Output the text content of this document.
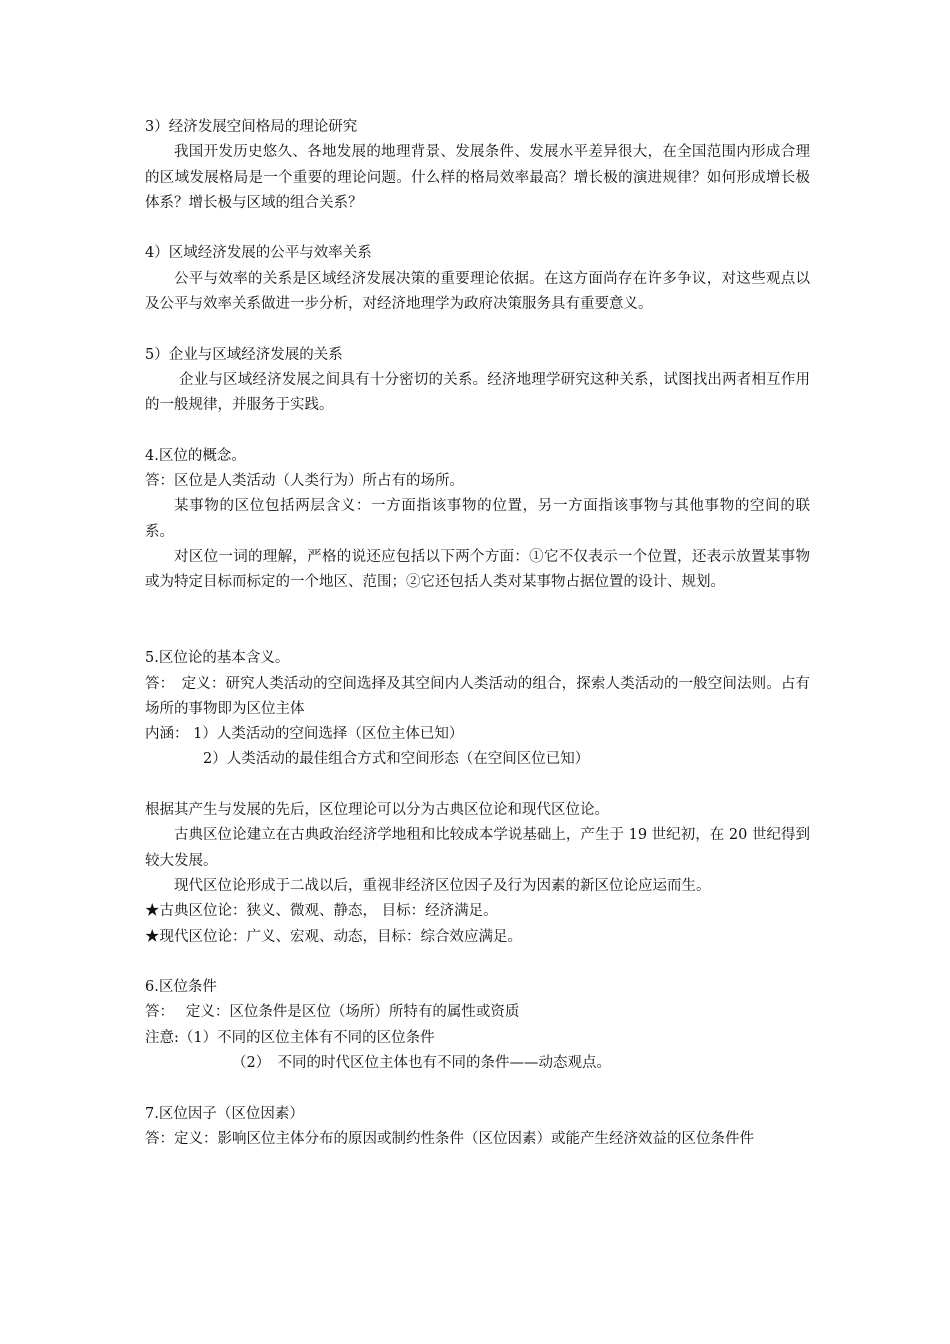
3）经济发展空间格局的理论研究

我国开发历史悠久、各地发展的地理背景、发展条件、发展水平差异很大，在全国范围内形成合理的区域发展格局是一个重要的理论问题。什么样的格局效率最高？增长极的演进规律？如何形成增长极体系？增长极与区域的组合关系？

4）区域经济发展的公平与效率关系

公平与效率的关系是区域经济发展决策的重要理论依据。在这方面尚存在许多争议，对这些观点以及公平与效率关系做进一步分析，对经济地理学为政府决策服务具有重要意义。

5）企业与区域经济发展的关系

企业与区域经济发展之间具有十分密切的关系。经济地理学研究这种关系，试图找出两者相互作用的一般规律，并服务于实践。

4.区位的概念。

答：区位是人类活动（人类行为）所占有的场所。

某事物的区位包括两层含义：一方面指该事物的位置，另一方面指该事物与其他事物的空间的联系。

对区位一词的理解，严格的说还应包括以下两个方面：①它不仅表示一个位置，还表示放置某事物或为特定目标而标定的一个地区、范围；②它还包括人类对某事物占据位置的设计、规划。

5.区位论的基本含义。

答：　定义：研究人类活动的空间选择及其空间内人类活动的组合，探索人类活动的一般空间法则。占有场所的事物即为区位主体

内涵： 1）人类活动的空间选择（区位主体已知）

2）人类活动的最佳组合方式和空间形态（在空间区位已知）

根据其产生与发展的先后，区位理论可以分为古典区位论和现代区位论。

古典区位论建立在古典政治经济学地租和比较成本学说基础上，产生于 19 世纪初，在 20 世纪得到较大发展。

现代区位论形成于二战以后，重视非经济区位因子及行为因素的新区位论应运而生。

★古典区位论：狭义、微观、静态， 目标：经济满足。

★现代区位论：广义、宏观、动态，目标：综合效应满足。

6.区位条件

答：　 定义：区位条件是区位（场所）所特有的属性或资质

注意:（1）不同的区位主体有不同的区位条件

（2）　不同的时代区位主体也有不同的条件——动态观点。

7.区位因子（区位因素）

答：定义：影响区位主体分布的原因或制约性条件（区位因素）或能产生经济效益的区位条件件
